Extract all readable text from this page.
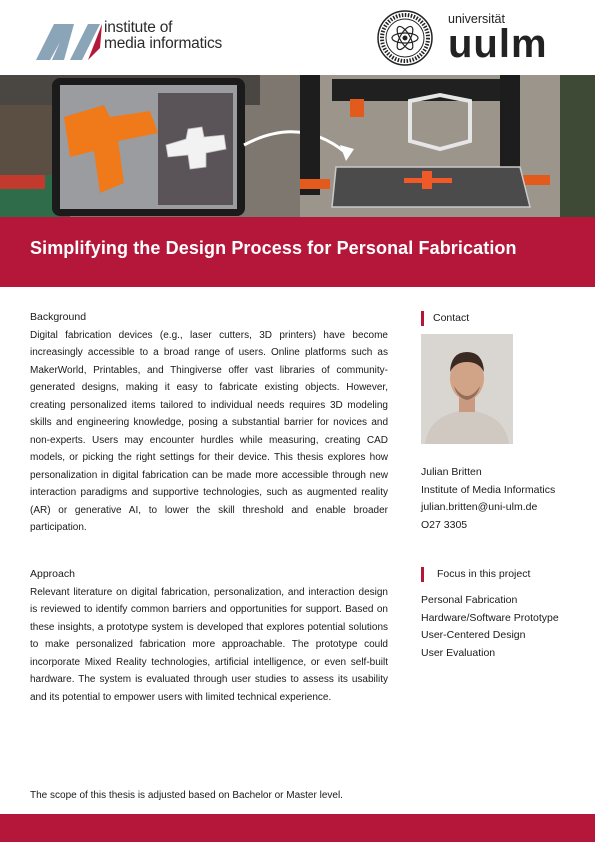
institute of
media informatics
universität
uulm
Simplifying the Design Process for Personal Fabrication
Background
Digital fabrication devices (e.g., laser cutters, 3D printers) have become increasingly accessible to a broad range of users. Online platforms such as MakerWorld, Printables, and Thingiverse offer vast libraries of community-generated designs, making it easy to fabricate existing objects. However, creating personalized items tailored to individual needs requires 3D modeling skills and engineering knowledge, posing a substantial barrier for novices and non-experts. Users may encounter hurdles while measuring, creating CAD models, or picking the right settings for their device. This thesis explores how personalization in digital fabrication can be made more accessible through new interaction paradigms and supportive technologies, such as augmented reality (AR) or generative AI, to lower the skill threshold and enable broader participation.
Approach
Relevant literature on digital fabrication, personalization, and interaction design is reviewed to identify common barriers and opportunities for support. Based on these insights, a prototype system is developed that explores potential solutions to make personalized fabrication more approachable. The prototype could incorporate Mixed Reality technologies, artificial intelligence, or even self-built hardware. The system is evaluated through user studies to assess its usability and its potential to empower users with limited technical experience.
The scope of this thesis is adjusted based on Bachelor or Master level.
Contact
Julian Britten
Institute of Media Informatics
julian.britten@uni-ulm.de
O27 3305
Focus in this project
Personal Fabrication
Hardware/Software Prototype
User-Centered Design
User Evaluation
